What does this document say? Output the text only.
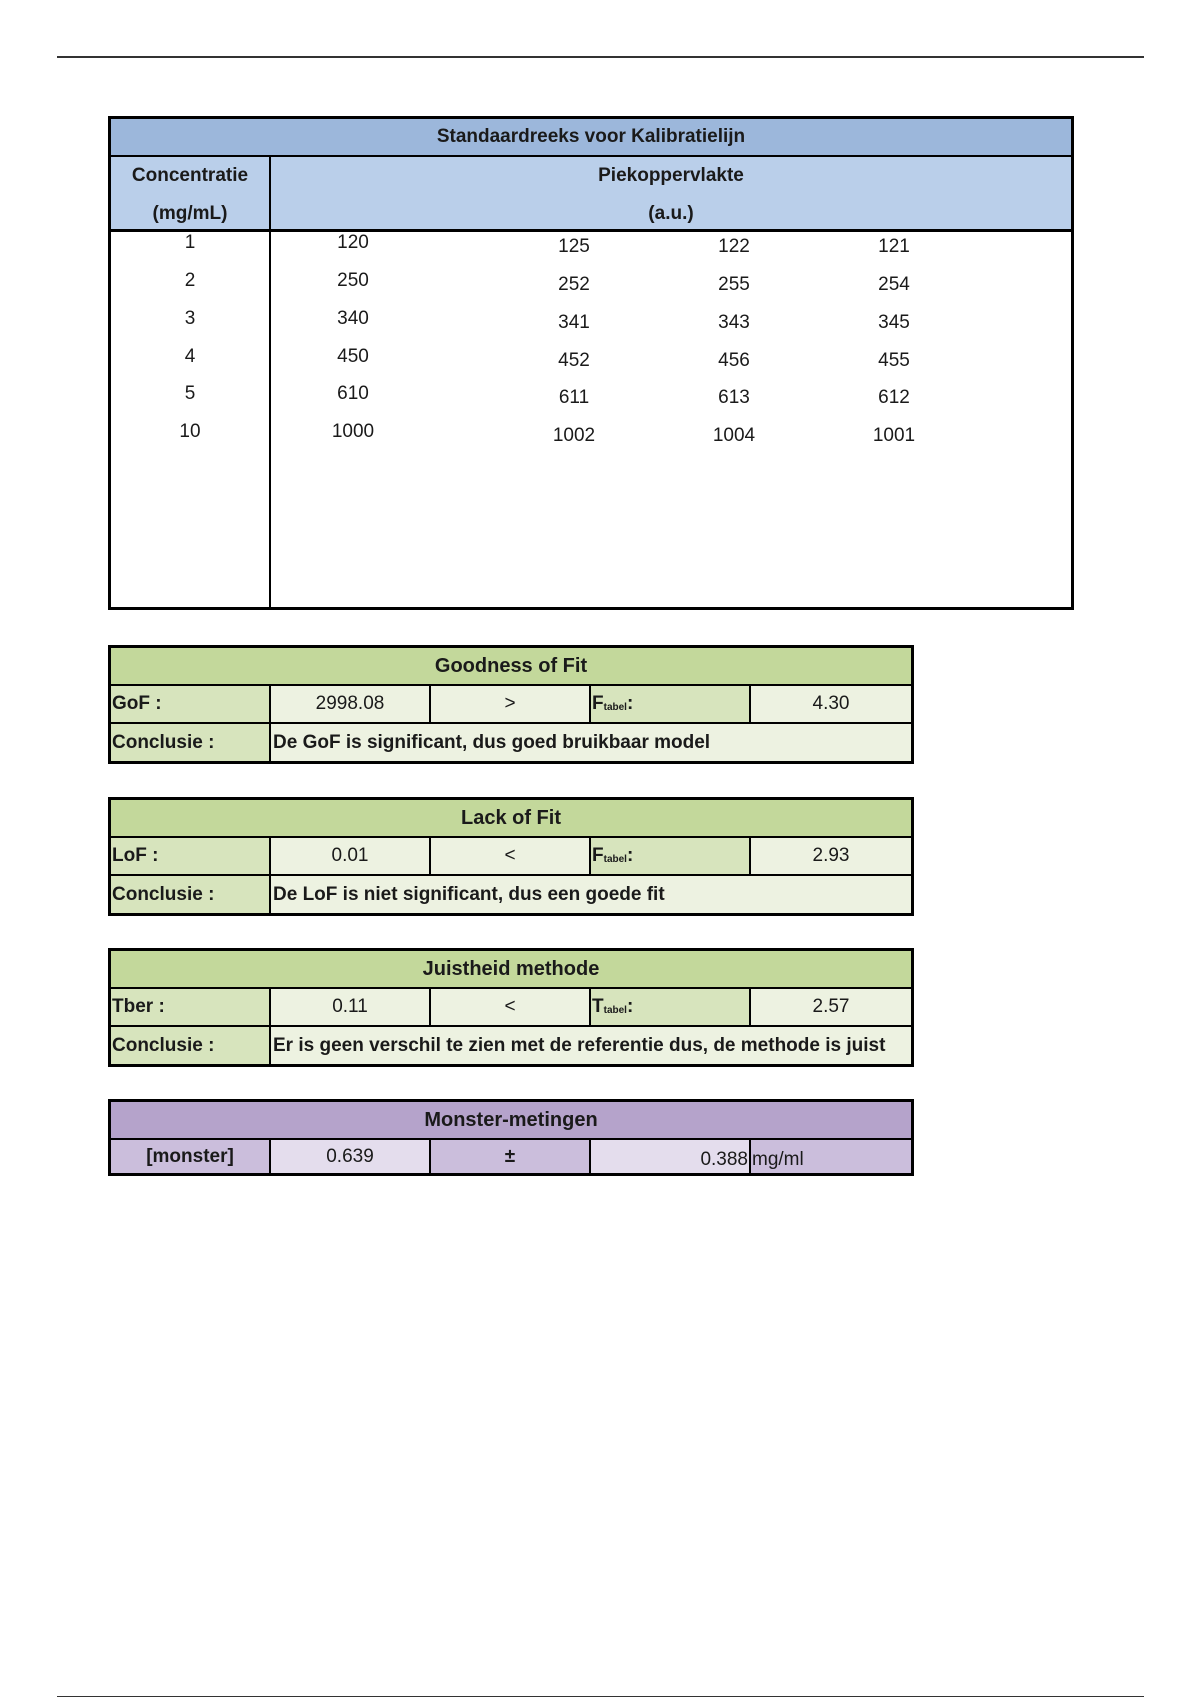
Standaardreeks voor Kalibratielijn
Concentratie
(mg/mL)
Piekoppervlakte
(a.u.)
1	120	125	122	121
2	250	252	255	254
3	340	341	343	345
4	450	452	456	455
5	610	611	613	612
10	1000	1002	1004	1001
Goodness of Fit
GoF :	2998.08	>	F tabel :	4.30
Conclusie :	De GoF is significant, dus goed bruikbaar model
Lack of Fit
LoF :	0.01	<	F tabel :	2.93
Conclusie :	De LoF is niet significant, dus een goede fit
Juistheid methode
Tber :	0.11	<	T tabel :	2.57
Conclusie :	Er is geen verschil te zien met de referentie dus, de methode is juist
Monster-metingen
[monster]	0.639	±	0.388 mg/ml
